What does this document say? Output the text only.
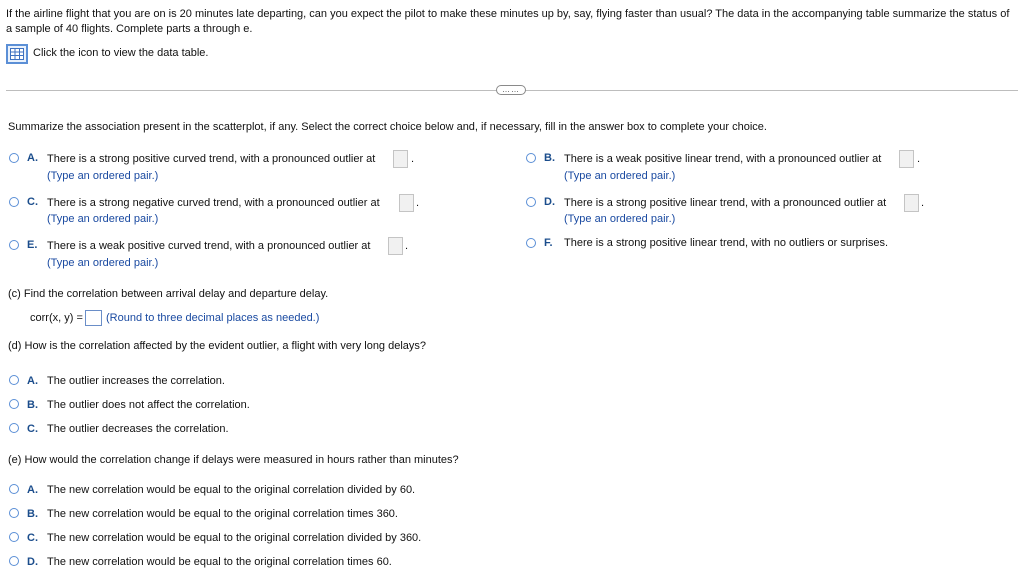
If the airline flight that you are on is 20 minutes late departing, can you expect the pilot to make these minutes up by, say, flying faster than usual? The data in the accompanying table summarize the status of a sample of 40 flights. Complete parts a through e.
Click the icon to view the data table.
……
Summarize the association present in the scatterplot, if any. Select the correct choice below and, if necessary, fill in the answer box to complete your choice.
A. There is a strong positive curved trend, with a pronounced outlier at	.
(Type an ordered pair.)
B. There is a weak positive linear trend, with a pronounced outlier at	.
(Type an ordered pair.)
C. There is a strong negative curved trend, with a pronounced outlier at	.
(Type an ordered pair.)
D. There is a strong positive linear trend, with a pronounced outlier at	.
(Type an ordered pair.)
E. There is a weak positive curved trend, with a pronounced outlier at	.
(Type an ordered pair.)
F. There is a strong positive linear trend, with no outliers or surprises.
(c) Find the correlation between arrival delay and departure delay.
corr(x, y) = (Round to three decimal places as needed.)
(d) How is the correlation affected by the evident outlier, a flight with very long delays?
A. The outlier increases the correlation.
B. The outlier does not affect the correlation.
C. The outlier decreases the correlation.
(e) How would the correlation change if delays were measured in hours rather than minutes?
A. The new correlation would be equal to the original correlation divided by 60.
B. The new correlation would be equal to the original correlation times 360.
C. The new correlation would be equal to the original correlation divided by 360.
D. The new correlation would be equal to the original correlation times 60.
